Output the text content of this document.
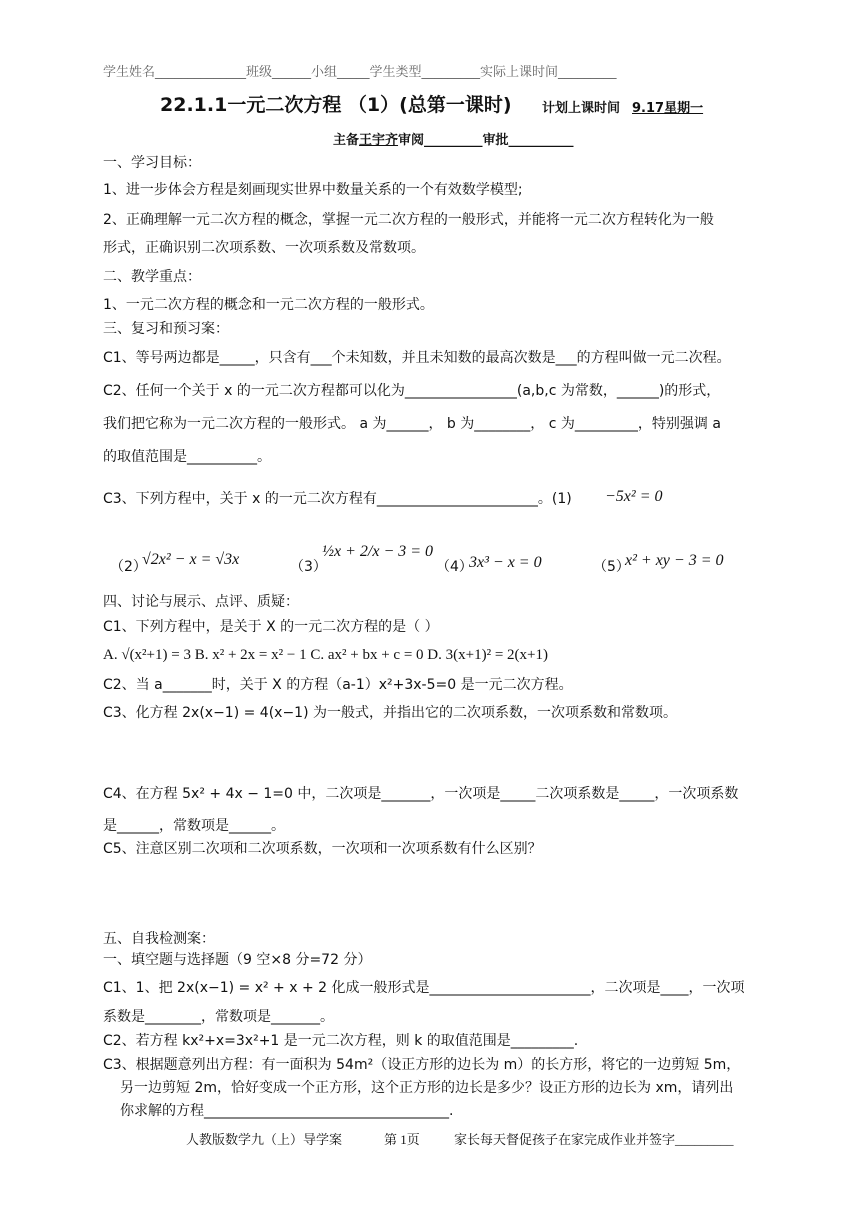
学生姓名______________班级______小组_____学生类型_________实际上课时间_________
22.1.1一元二次方程 （1）(总第一课时) 计划上课时间 9.17星期一
主备王宇齐审阅_________审批__________
一、学习目标：
1、进一步体会方程是刻画现实世界中数量关系的一个有效数学模型;
2、正确理解一元二次方程的概念，掌握一元二次方程的一般形式，并能将一元二次方程转化为一般
形式，正确识别二次项系数、一次项系数及常数项。
二、教学重点：
1、一元二次方程的概念和一元二次方程的一般形式。
三、复习和预习案：
C1、等号两边都是_____，只含有___个未知数，并且未知数的最高次数是___的方程叫做一元二次程。
C2、任何一个关于 x 的一元二次方程都可以化为________________(a,b,c 为常数，______)的形式，
我们把它称为一元二次方程的一般形式。 a 为______， b 为________， c 为_________，特别强调 a
的取值范围是__________。
C3、下列方程中，关于 x 的一元二次方程有_______________________。(1) −5x² = 0
（2）
√2x² − x = √3x	（3）
½x + 2/x − 3 = 0
（4）
3x³ − x = 0	（5）
x² + xy − 3 = 0
四、讨论与展示、点评、质疑：
C1、下列方程中，是关于 X 的一元二次方程的是（ ）
A. √(x²+1) = 3 B. x² + 2x = x² − 1 C. ax² + bx + c = 0 D. 3(x+1)² = 2(x+1)
C2、当 a_______时，关于 X 的方程（a-1）x²+3x-5=0 是一元二次方程。
C3、化方程 2x(x−1) = 4(x−1) 为一般式，并指出它的二次项系数，一次项系数和常数项。
C4、在方程 5x² + 4x − 1=0 中，二次项是_______，一次项是_____二次项系数是_____，一次项系数
是______，常数项是______。
C5、注意区别二次项和二次项系数，一次项和一次项系数有什么区别？
五、自我检测案：
一、填空题与选择题（9 空×8 分=72 分）
C1、1、把 2x(x−1) = x² + x + 2 化成一般形式是_______________________，二次项是____，一次项
系数是________，常数项是_______。
C2、若方程 kx²+x=3x²+1 是一元二次方程，则 k 的取值范围是_________.
C3、根据题意列出方程：有一面积为 54m²（设正方形的边长为 m）的长方形，将它的一边剪短 5m，
另一边剪短 2m，恰好变成一个正方形，这个正方形的边长是多少？设正方形的边长为 xm，请列出
你求解的方程___________________________________.
人教版数学九（上）导学案	第 1页	家长每天督促孩子在家完成作业并签字_________
